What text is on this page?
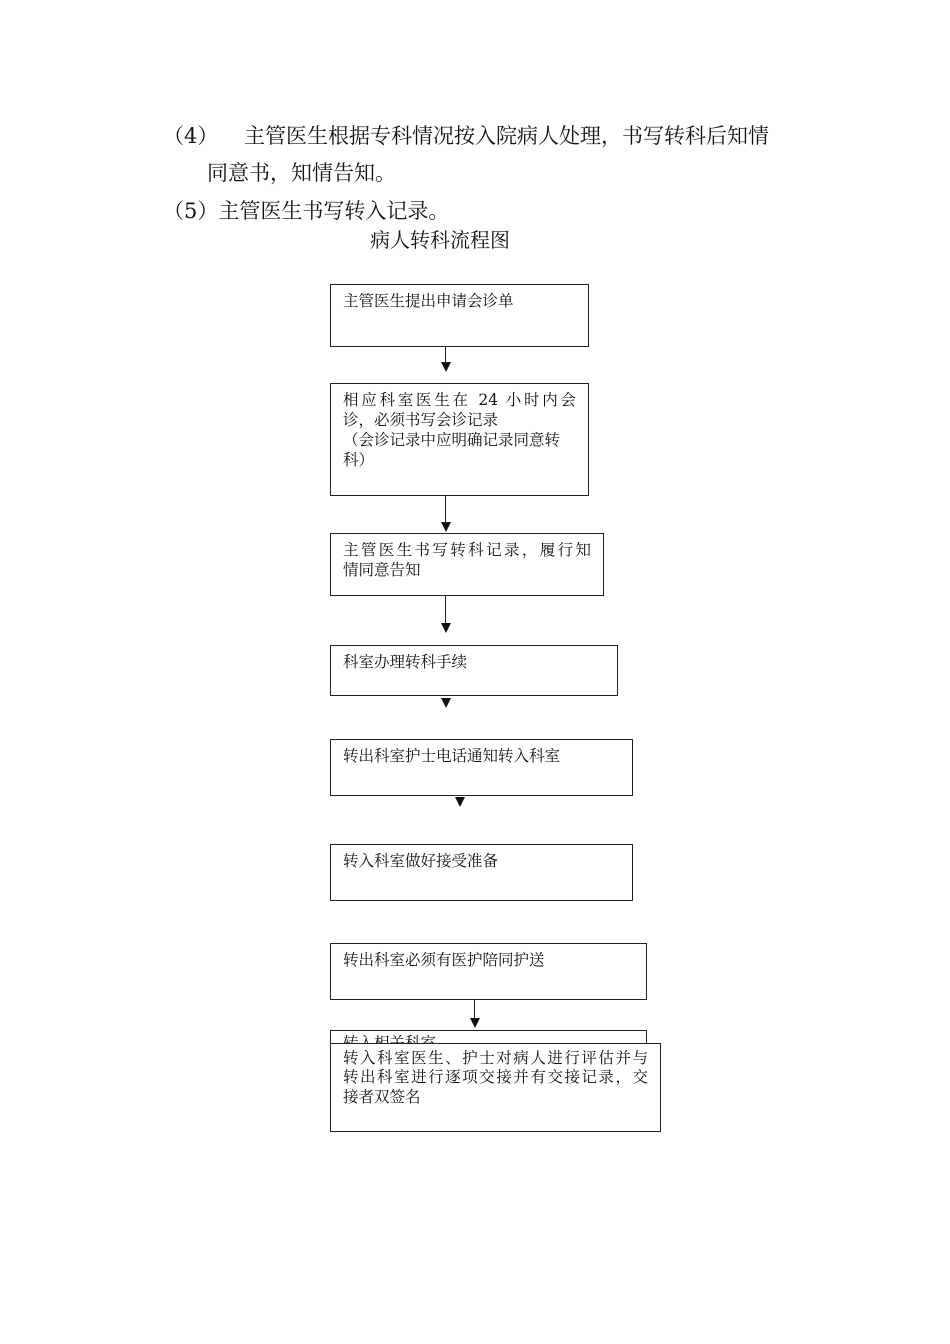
（4） 主管医生根据专科情况按入院病人处理，书写转科后知情
同意书，知情告知。
（5）主管医生书写转入记录。
病人转科流程图
主管医生提出申请会诊单
相应科室医生在 24 小时内会
诊，必须书写会诊记录
（会诊记录中应明确记录同意转
科）
主管医生书写转科记录，履行知
情同意告知
科室办理转科手续
转出科室护士电话通知转入科室
转入科室做好接受准备
转出科室必须有医护陪同护送
转入科室医生、护士对病人进行评估并与
转出科室进行逐项交接并有交接记录，交
接者双签名
